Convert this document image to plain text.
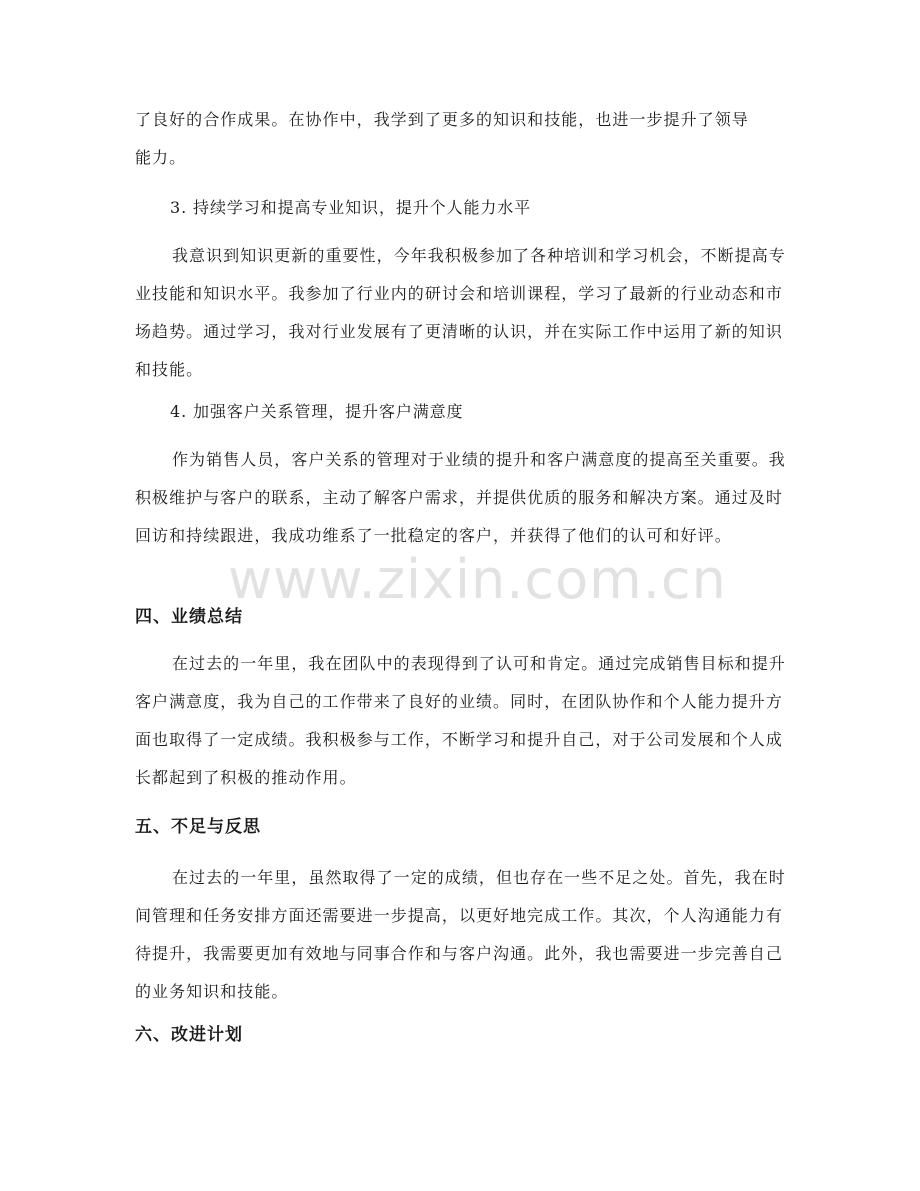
了良好的合作成果。在协作中，我学到了更多的知识和技能，也进一步提升了领导
能力。

3. 持续学习和提高专业知识，提升个人能力水平

我意识到知识更新的重要性，今年我积极参加了各种培训和学习机会，不断提高专业技能和知识水平。我参加了行业内的研讨会和培训课程，学习了最新的行业动态和市场趋势。通过学习，我对行业发展有了更清晰的认识，并在实际工作中运用了新的知识和技能。

4. 加强客户关系管理，提升客户满意度

作为销售人员，客户关系的管理对于业绩的提升和客户满意度的提高至关重要。我积极维护与客户的联系，主动了解客户需求，并提供优质的服务和解决方案。通过及时回访和持续跟进，我成功维系了一批稳定的客户，并获得了他们的认可和好评。

四、业绩总结

在过去的一年里，我在团队中的表现得到了认可和肯定。通过完成销售目标和提升客户满意度，我为自己的工作带来了良好的业绩。同时，在团队协作和个人能力提升方面也取得了一定成绩。我积极参与工作，不断学习和提升自己，对于公司发展和个人成长都起到了积极的推动作用。

五、不足与反思

在过去的一年里，虽然取得了一定的成绩，但也存在一些不足之处。首先，我在时间管理和任务安排方面还需要进一步提高，以更好地完成工作。其次，个人沟通能力有待提升，我需要更加有效地与同事合作和与客户沟通。此外，我也需要进一步完善自己的业务知识和技能。

六、改进计划
www.zixin.com.cn
